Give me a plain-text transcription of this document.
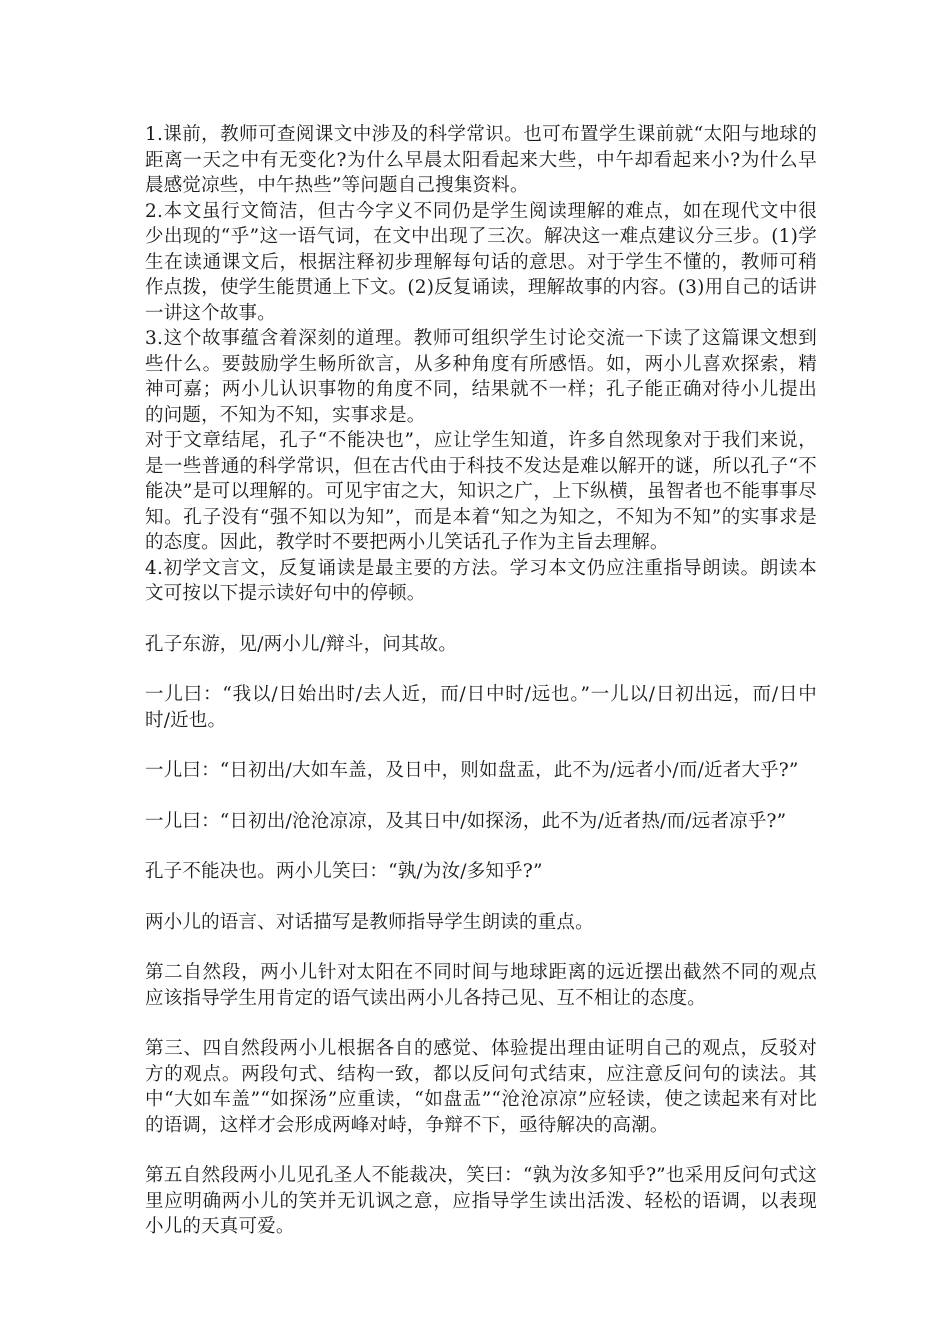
1.课前，教师可查阅课文中涉及的科学常识。也可布置学生课前就“太阳与地球的距离一天之中有无变化?为什么早晨太阳看起来大些，中午却看起来小?为什么早晨感觉凉些，中午热些”等问题自己搜集资料。

2.本文虽行文简洁，但古今字义不同仍是学生阅读理解的难点，如在现代文中很少出现的“乎”这一语气词，在文中出现了三次。解决这一难点建议分三步。(1)学生在读通课文后，根据注释初步理解每句话的意思。对于学生不懂的，教师可稍作点拨，使学生能贯通上下文。(2)反复诵读，理解故事的内容。(3)用自己的话讲一讲这个故事。

3.这个故事蕴含着深刻的道理。教师可组织学生讨论交流一下读了这篇课文想到些什么。要鼓励学生畅所欲言，从多种角度有所感悟。如，两小儿喜欢探索，精神可嘉；两小儿认识事物的角度不同，结果就不一样；孔子能正确对待小儿提出的问题，不知为不知，实事求是。

对于文章结尾，孔子“不能决也”，应让学生知道，许多自然现象对于我们来说，是一些普通的科学常识，但在古代由于科技不发达是难以解开的谜，所以孔子“不能决”是可以理解的。可见宇宙之大，知识之广，上下纵横，虽智者也不能事事尽知。孔子没有“强不知以为知”，而是本着“知之为知之，不知为不知”的实事求是的态度。因此，教学时不要把两小儿笑话孔子作为主旨去理解。

4.初学文言文，反复诵读是最主要的方法。学习本文仍应注重指导朗读。朗读本文可按以下提示读好句中的停顿。

孔子东游，见/两小儿/辩斗，问其故。

一儿曰：“我以/日始出时/去人近，而/日中时/远也。”一儿以/日初出远，而/日中时/近也。

一儿曰：“日初出/大如车盖，及日中，则如盘盂，此不为/远者小/而/近者大乎?”

一儿曰：“日初出/沧沧凉凉，及其日中/如探汤，此不为/近者热/而/远者凉乎?”

孔子不能决也。两小儿笑曰：“孰/为汝/多知乎?”

两小儿的语言、对话描写是教师指导学生朗读的重点。

第二自然段，两小儿针对太阳在不同时间与地球距离的远近摆出截然不同的观点应该指导学生用肯定的语气读出两小儿各持己见、互不相让的态度。

第三、四自然段两小儿根据各自的感觉、体验提出理由证明自己的观点，反驳对方的观点。两段句式、结构一致，都以反问句式结束，应注意反问句的读法。其中“大如车盖”“如探汤”应重读，“如盘盂”“沧沧凉凉”应轻读，使之读起来有对比的语调，这样才会形成两峰对峙，争辩不下，亟待解决的高潮。

第五自然段两小儿见孔圣人不能裁决，笑曰：“孰为汝多知乎?”也采用反问句式这里应明确两小儿的笑并无讥讽之意，应指导学生读出活泼、轻松的语调，以表现小儿的天真可爱。
